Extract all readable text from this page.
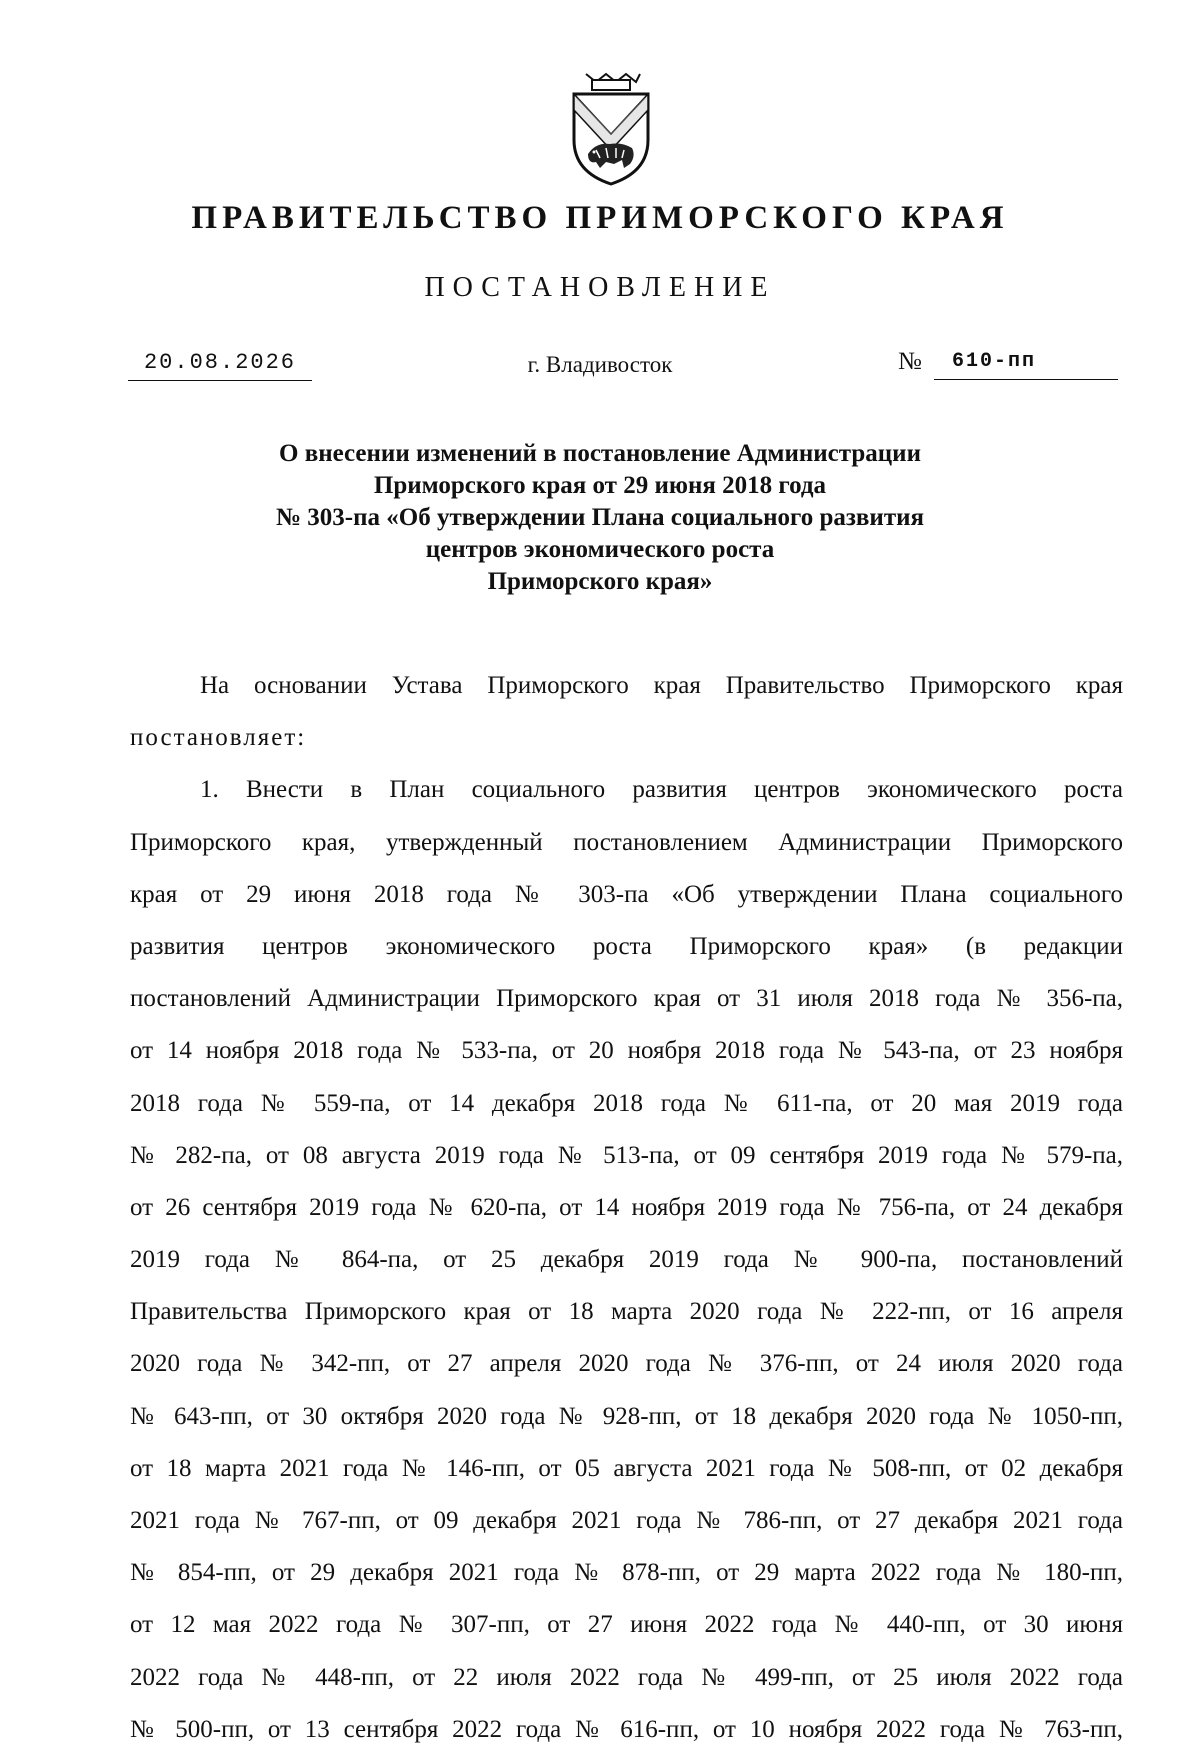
ПРАВИТЕЛЬСТВО ПРИМОРСКОГО КРАЯ
ПОСТАНОВЛЕНИЕ
20.08.2026	г. Владивосток	№	610-пп
О внесении изменений в постановление Администрации
Приморского края от 29 июня 2018 года
№ 303-па «Об утверждении Плана социального развития
центров экономического роста
Приморского края»
На основании Устава Приморского края Правительство Приморского края
постановляет:
1. Внести в План социального развития центров экономического роста
Приморского края, утвержденный постановлением Администрации Приморского
края от 29 июня 2018 года № 303-па «Об утверждении Плана социального
развития центров экономического роста Приморского края» (в редакции
постановлений Администрации Приморского края от 31 июля 2018 года № 356-па,
от 14 ноября 2018 года № 533-па, от 20 ноября 2018 года № 543-па, от 23 ноября
2018 года № 559-па, от 14 декабря 2018 года № 611-па, от 20 мая 2019 года
№ 282-па, от 08 августа 2019 года № 513-па, от 09 сентября 2019 года № 579-па,
от 26 сентября 2019 года № 620-па, от 14 ноября 2019 года № 756-па, от 24 декабря
2019 года № 864-па, от 25 декабря 2019 года № 900-па, постановлений
Правительства Приморского края от 18 марта 2020 года № 222-пп, от 16 апреля
2020 года № 342-пп, от 27 апреля 2020 года № 376-пп, от 24 июля 2020 года
№ 643-пп, от 30 октября 2020 года № 928-пп, от 18 декабря 2020 года № 1050-пп,
от 18 марта 2021 года № 146-пп, от 05 августа 2021 года № 508-пп, от 02 декабря
2021 года № 767-пп, от 09 декабря 2021 года № 786-пп, от 27 декабря 2021 года
№ 854-пп, от 29 декабря 2021 года № 878-пп, от 29 марта 2022 года № 180-пп,
от 12 мая 2022 года № 307-пп, от 27 июня 2022 года № 440-пп, от 30 июня
2022 года № 448-пп, от 22 июля 2022 года № 499-пп, от 25 июля 2022 года
№ 500-пп, от 13 сентября 2022 года № 616-пп, от 10 ноября 2022 года № 763-пп,
